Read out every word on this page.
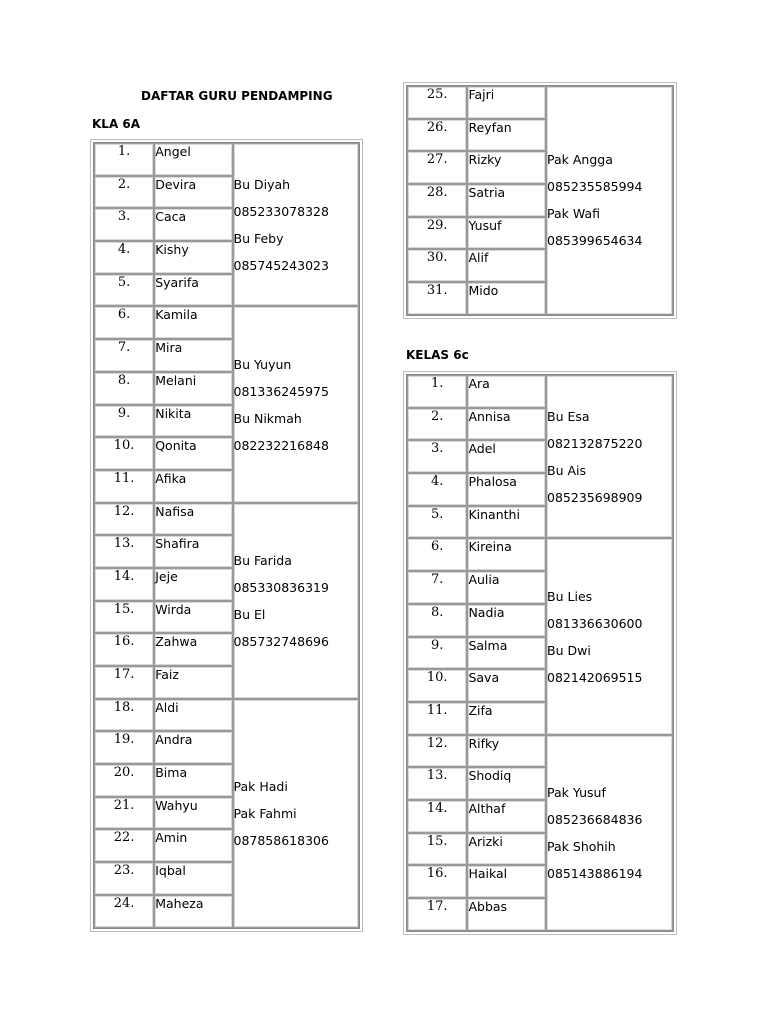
DAFTAR GURU PENDAMPING
KLA 6A
KELAS 6c
1.	Angel	Bu Diyah
085233078328
Bu Feby
085745243023

2.	Devira	
3.	Caca	
4.	Kishy	
5.	Syarifa	
6.	Kamila	Bu Yuyun
081336245975
Bu Nikmah
082232216848

7.	Mira	
8.	Melani	
9.	Nikita	
10.	Qonita	
11.	Afika	
12.	Nafisa	Bu Farida
085330836319
Bu El
085732748696

13.	Shafira	
14.	Jeje	
15.	Wirda	
16.	Zahwa	
17.	Faiz	
18.	Aldi	Pak Hadi
Pak Fahmi
087858618306

19.	Andra	
20.	Bima	
21.	Wahyu	
22.	Amin	
23.	Iqbal	
24.	Maheza	
25.	Fajri	Pak Angga
085235585994
Pak Wafi
085399654634

26.	Reyfan	
27.	Rizky	
28.	Satria	
29.	Yusuf	
30.	Alif	
31.	Mido	
1.	Ara	Bu Esa
082132875220
Bu Ais
085235698909

2.	Annisa	
3.	Adel	
4.	Phalosa	
5.	Kinanthi	
6.	Kireina	Bu Lies
081336630600
Bu Dwi
082142069515

7.	Aulia	
8.	Nadia	
9.	Salma	
10.	Sava	
11.	Zifa	
12.	Rifky	Pak Yusuf
085236684836
Pak Shohih
085143886194

13.	Shodiq	
14.	Althaf	
15.	Arizki	
16.	Haikal	
17.	Abbas	
